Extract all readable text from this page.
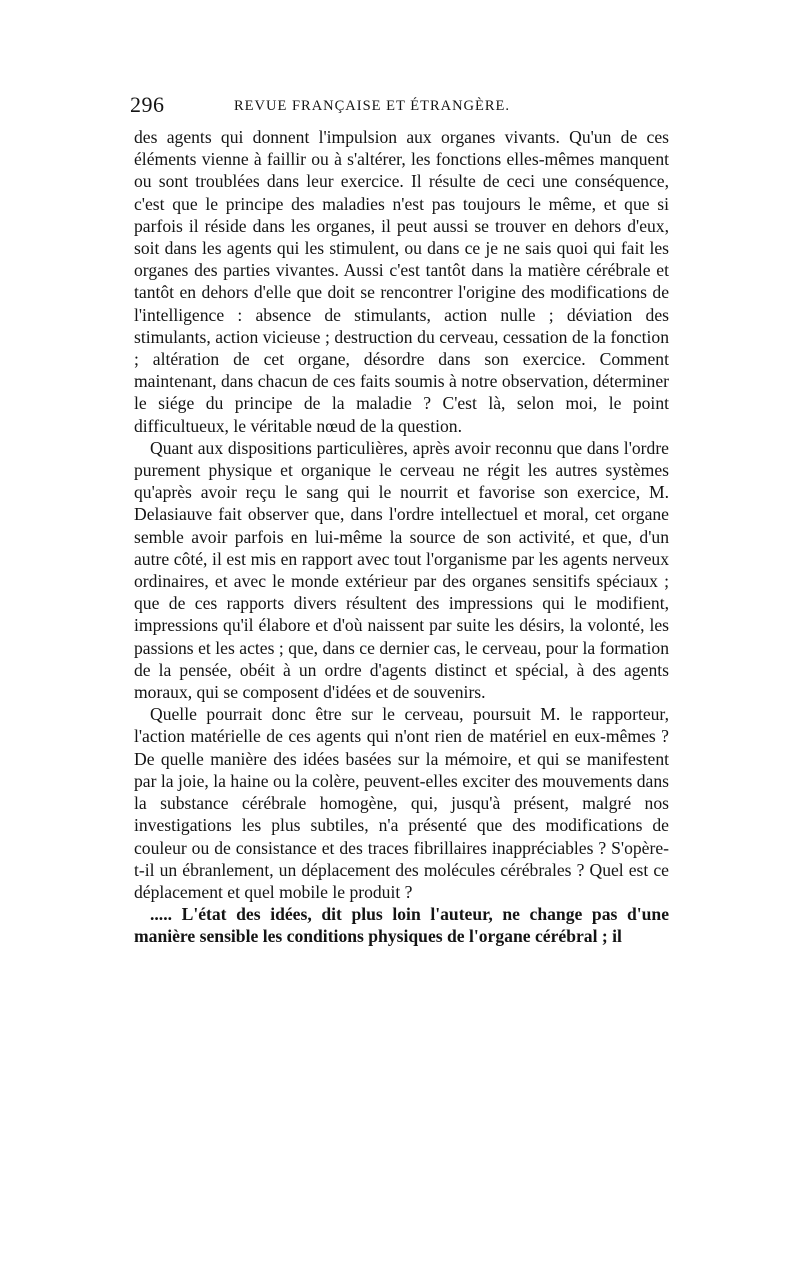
296	REVUE FRANÇAISE ET ÉTRANGÈRE.

des agents qui donnent l'impulsion aux organes vivants. Qu'un de ces éléments vienne à faillir ou à s'altérer, les fonctions elles-mêmes manquent ou sont troublées dans leur exercice. Il résulte de ceci une conséquence, c'est que le principe des maladies n'est pas toujours le même, et que si parfois il réside dans les organes, il peut aussi se trouver en dehors d'eux, soit dans les agents qui les stimulent, ou dans ce je ne sais quoi qui fait les organes des parties vivantes. Aussi c'est tantôt dans la matière cérébrale et tantôt en dehors d'elle que doit se rencontrer l'origine des modifications de l'intelligence : absence de stimulants, action nulle ; déviation des stimulants, action vicieuse ; destruction du cerveau, cessation de la fonction ; altération de cet organe, désordre dans son exercice. Comment maintenant, dans chacun de ces faits soumis à notre observation, déterminer le siége du principe de la maladie ? C'est là, selon moi, le point difficultueux, le véritable nœud de la question.

Quant aux dispositions particulières, après avoir reconnu que dans l'ordre purement physique et organique le cerveau ne régit les autres systèmes qu'après avoir reçu le sang qui le nourrit et favorise son exercice, M. Delasiauve fait observer que, dans l'ordre intellectuel et moral, cet organe semble avoir parfois en lui-même la source de son activité, et que, d'un autre côté, il est mis en rapport avec tout l'organisme par les agents nerveux ordinaires, et avec le monde extérieur par des organes sensitifs spéciaux ; que de ces rapports divers résultent des impressions qui le modifient, impressions qu'il élabore et d'où naissent par suite les désirs, la volonté, les passions et les actes ; que, dans ce dernier cas, le cerveau, pour la formation de la pensée, obéit à un ordre d'agents distinct et spécial, à des agents moraux, qui se composent d'idées et de souvenirs.

Quelle pourrait donc être sur le cerveau, poursuit M. le rapporteur, l'action matérielle de ces agents qui n'ont rien de matériel en eux-mêmes ? De quelle manière des idées basées sur la mémoire, et qui se manifestent par la joie, la haine ou la colère, peuvent-elles exciter des mouvements dans la substance cérébrale homogène, qui, jusqu'à présent, malgré nos investigations les plus subtiles, n'a présenté que des modifications de couleur ou de consistance et des traces fibrillaires inappréciables ? S'opère-t-il un ébranlement, un déplacement des molécules cérébrales ? Quel est ce déplacement et quel mobile le produit ?

..... L'état des idées, dit plus loin l'auteur, ne change pas d'une manière sensible les conditions physiques de l'organe cérébral ; il
